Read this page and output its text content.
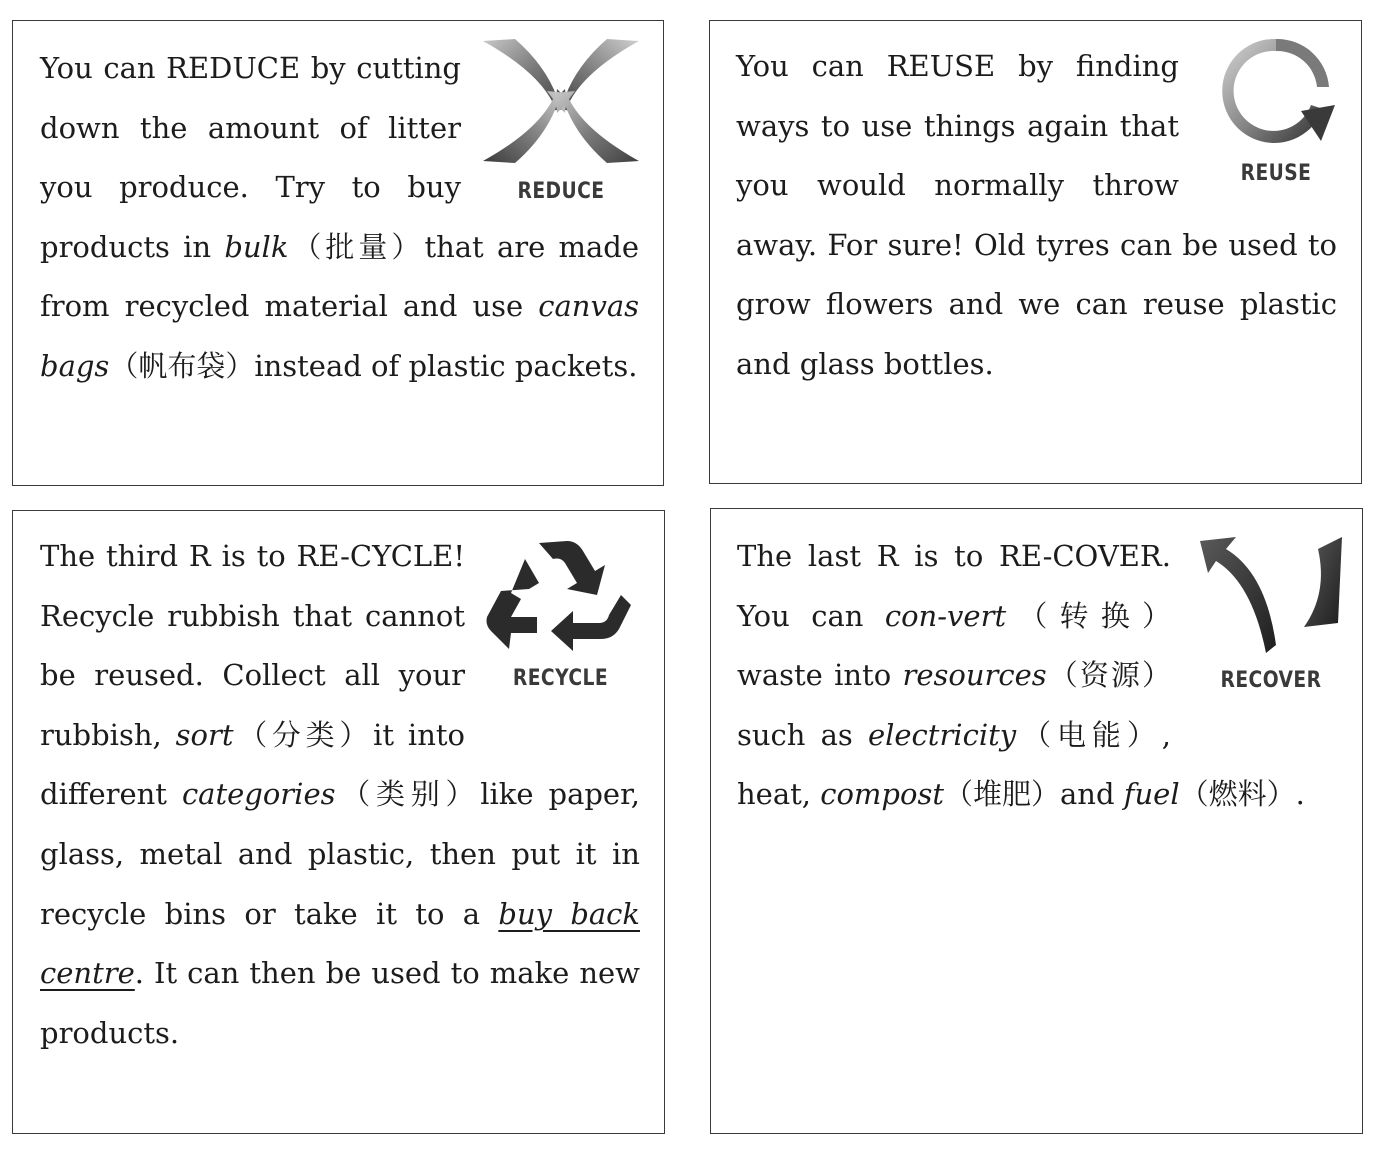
REDUCE
You can REDUCE by cutting down the amount of litter you produce. Try to buy products in bulk（批量）that are made from recycled material and use canvas bags（帆布袋）instead of plastic packets.
REUSE
You can REUSE by finding ways to use things again that you would normally throw away. For sure! Old tyres can be used to grow flowers and we can reuse plastic and glass bottles.
RECYCLE
The third R is to RE-CYCLE! Recycle rubbish that cannot be reused. Collect all your rubbish, sort（分类）it into different categories（类别）like paper, glass, metal and plastic, then put it in recycle bins or take it to a buy back centre. It can then be used to make new products.
RECOVER
The last R is to RE-COVER. You can con-vert（转换）waste into resources（资源）such as electricity（电能）, heat, compost（堆肥）and fuel（燃料）.
